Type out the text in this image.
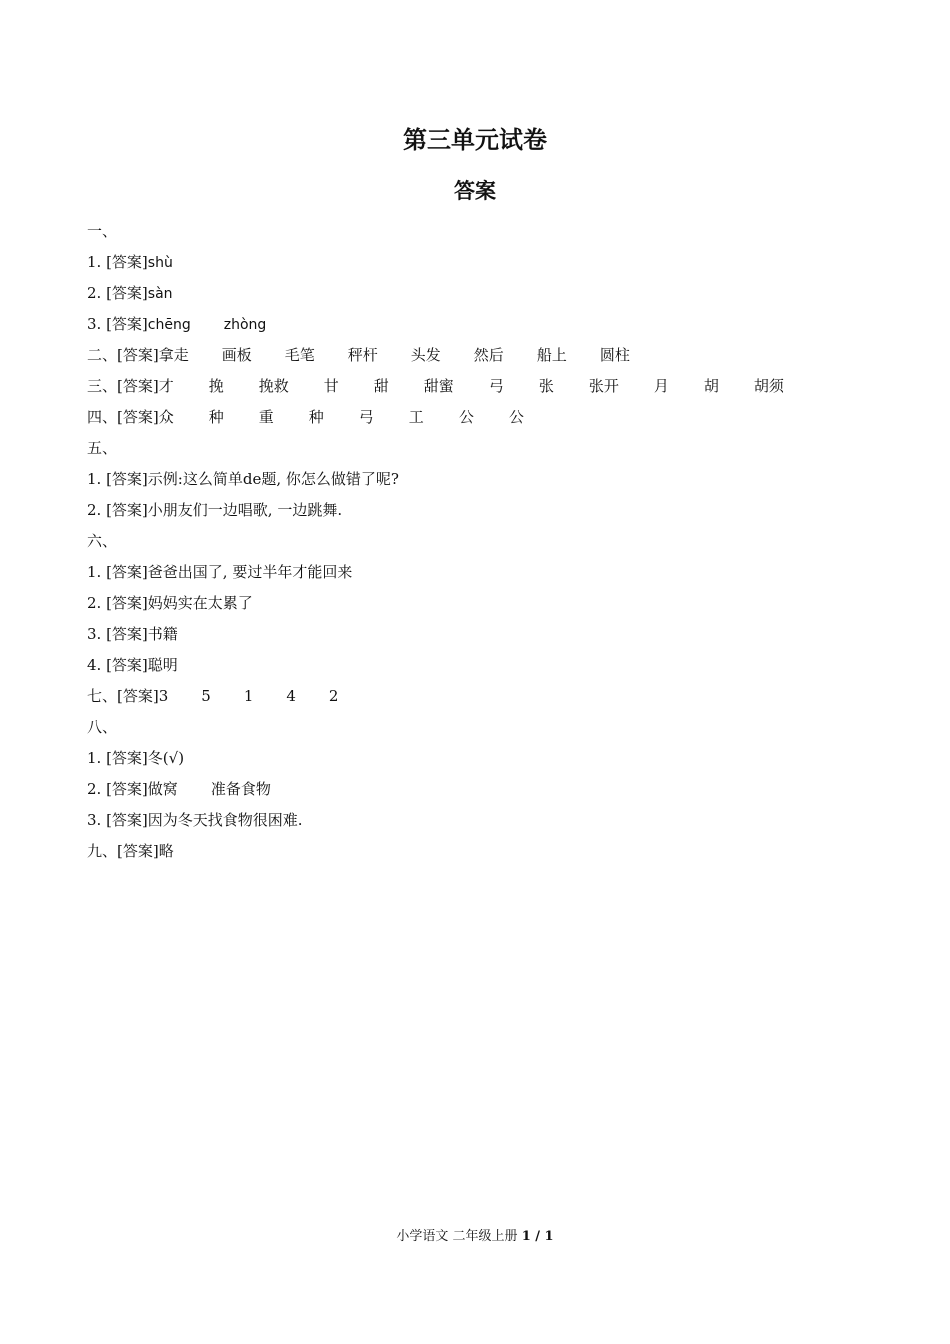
第三单元试卷
答案
一、
1. [答案]shù
2. [答案]sàn
3. [答案]chēng zhòng
二、[答案]拿走 画板 毛笔 秤杆 头发 然后 船上 圆柱
三、[答案]才 挽 挽救 甘 甜 甜蜜 弓 张 张开 月 胡 胡须
四、[答案]众 种 重 种 弓 工 公 公
五、
1. [答案]示例:这么简单de题, 你怎么做错了呢?
2. [答案]小朋友们一边唱歌, 一边跳舞.
六、
1. [答案]爸爸出国了, 要过半年才能回来
2. [答案]妈妈实在太累了
3. [答案]书籍
4. [答案]聪明
七、[答案]3 5 1 4 2
八、
1. [答案]冬(√)
2. [答案]做窝 准备食物
3. [答案]因为冬天找食物很困难.
九、[答案]略
小学语文 二年级上册 1 / 1
